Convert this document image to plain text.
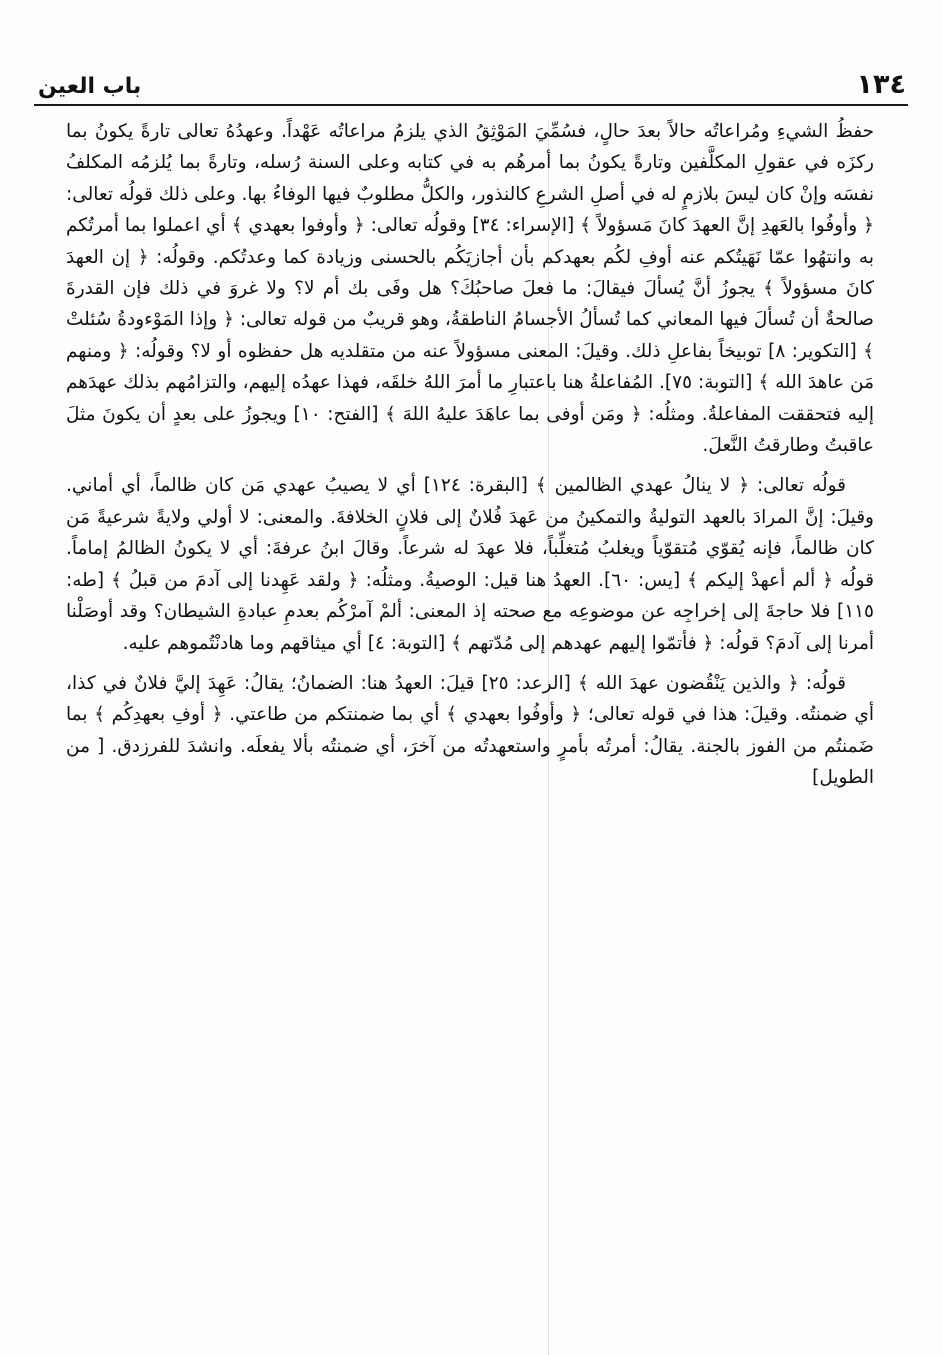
١٣٤
باب العين

حفظُ الشيءِ ومُراعاتُه حالاً بعدَ حالٍ، فسُمِّيَ المَوْثِقُ الذي يلزمُ مراعاتُه عَهْداً. وعهدُهُ تعالى تارةً يكونُ بما ركزَه في عقولِ المكلَّفين وتارةً يكونُ بما أمرهُم به في كتابه وعلى السنة رُسله، وتارةً بما يُلزمُه المكلفُ نفسَه وإنْ كان ليسَ بلازمٍ له في أصلِ الشرعِ كالنذور، والكلُّ مطلوبٌ فيها الوفاءُ بها. وعلى ذلك قولُه تعالى: ﴿ وأوفُوا بالعَهدِ إنَّ العهدَ كانَ مَسؤولاً ﴾ [الإسراء: ٣٤] وقولُه تعالى: ﴿ وأوفوا بعهدي ﴾ أي اعملوا بما أمرتُكم به وانتهُوا عمّا نَهَيتُكم عنه أوفِ لكُم بعهدكم بأن أجازيَكُم بالحسنى وزيادة كما وعدتُكم. وقولُه: ﴿ إن العهدَ كانَ مسؤولاً ﴾ يجوزُ أنَّ يُسألَ فيقالَ: ما فعلَ صاحبُكَ؟ هل وفَى بك أم لا؟ ولا غروَ في ذلك فإن القدرةَ صالحةٌ أن تُسألَ فيها المعاني كما تُسألُ الأجسامُ الناطقةُ، وهو قريبٌ من قوله تعالى: ﴿ وإذا المَوْءودةُ سُئلتْ ﴾ [التكوير: ٨] توبيخاً بفاعلِ ذلك. وقيلَ: المعنى مسؤولاً عنه من متقلديه هل حفظوه أو لا؟ وقولُه: ﴿ ومنهم مَن عاهدَ الله ﴾ [التوبة: ٧٥]. المُفاعلةُ هنا باعتبارِ ما أمرَ اللهُ خلقَه، فهذا عهدُه إليهم، والتزامُهم بذلك عهدَهم إليه فتحققت المفاعلةُ. ومثلُه: ﴿ ومَن أوفى بما عاهَدَ عليهُ اللهَ ﴾ [الفتح: ١٠] ويجوزُ على بعدٍ أن يكونَ مثلَ عاقبتُ وطارقتُ النَّعلَ.

قولُه تعالى: ﴿ لا ينالُ عهدي الظالمين ﴾ [البقرة: ١٢٤] أي لا يصيبُ عهدي مَن كان ظالماً، أي أماني. وقيلَ: إنَّ المرادَ بالعهد التوليةُ والتمكينُ من عَهدَ فُلانٌ إلى فلانٍ الخلافةَ. والمعنى: لا أولي ولايةً شرعيةً مَن كان ظالماً، فإنه يُقوّي مُتقوّياً ويغلبُ مُتغلِّباً، فلا عهدَ له شرعاً. وقالَ ابنُ عرفةَ: أي لا يكونُ الظالمُ إماماً. قولُه ﴿ ألم أعهدْ إليكم ﴾ [يس: ٦٠]. العهدُ هنا قيل: الوصيةُ. ومثلُه: ﴿ ولقد عَهِدنا إلى آدمَ من قبلُ ﴾ [طه: ١١٥] فلا حاجةَ إلى إخراجِه عن موضوعِه مع صحته إذ المعنى: ألمْ آمرْكُم بعدمِ عبادةِ الشيطان؟ وقد أوصَلْنا أمرنا إلى آدمَ؟ قولُه: ﴿ فأتمّوا إليهم عهدهم إلى مُدّتهم ﴾ [التوبة: ٤] أي ميثاقهم وما هادنْتُموهم عليه.

قولُه: ﴿ والذين يَنْقُضون عهدَ الله ﴾ [الرعد: ٢٥] قيلَ: العهدُ هنا: الضمانُ؛ يقالُ: عَهِدَ إليَّ فلانٌ في كذا، أي ضمنتُه. وقيلَ: هذا في قوله تعالى؛ ﴿ وأوفُوا بعهدي ﴾ أي بما ضمنتكم من طاعتي. ﴿ أوفِ بعهدِكُم ﴾ بما ضَمنتُم من الفوز بالجنة. يقالُ: أمرتُه بأمرٍ واستعهدتُه من آخرَ، أي ضمنتُه بألا يفعلَه. وانشدَ للفرزدق. [ من الطويل]
